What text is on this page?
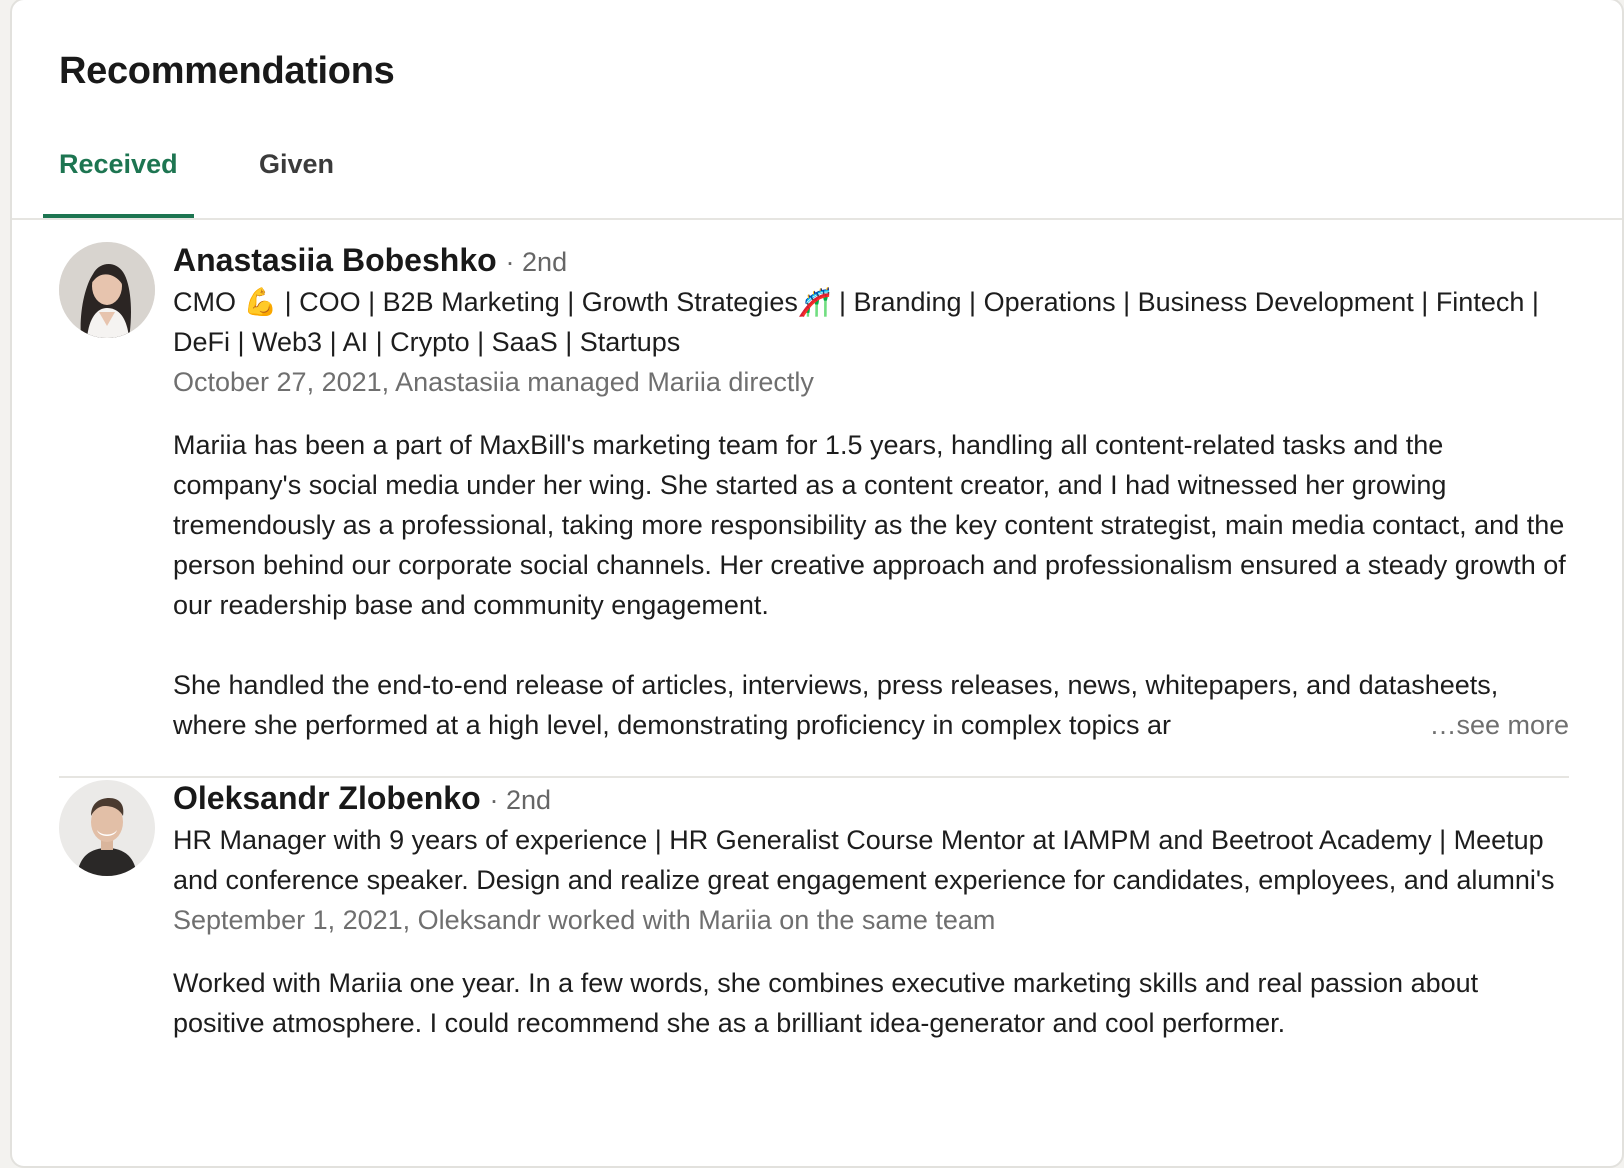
Recommendations
Received	Given
Anastasiia Bobeshko · 2nd
CMO 💪 | COO | B2B Marketing | Growth Strategies🎢 | Branding | Operations | Business Development | Fintech | DeFi | Web3 | AI | Crypto | SaaS | Startups
October 27, 2021, Anastasiia managed Mariia directly

Mariia has been a part of MaxBill's marketing team for 1.5 years, handling all content-related tasks and the company's social media under her wing. She started as a content creator, and I had witnessed her growing tremendously as a professional, taking more responsibility as the key content strategist, main media contact, and the person behind our corporate social channels. Her creative approach and professionalism ensured a steady growth of our readership base and community engagement.

She handled the end-to-end release of articles, interviews, press releases, news, whitepapers, and datasheets, where she performed at a high level, demonstrating proficiency in complex topics ar	…see more
Oleksandr Zlobenko · 2nd
HR Manager with 9 years of experience | HR Generalist Course Mentor at IAMPM and Beetroot Academy | Meetup and conference speaker. Design and realize great engagement experience for candidates, employees, and alumni's
September 1, 2021, Oleksandr worked with Mariia on the same team

Worked with Mariia one year. In a few words, she combines executive marketing skills and real passion about positive atmosphere. I could recommend she as a brilliant idea-generator and cool performer.
